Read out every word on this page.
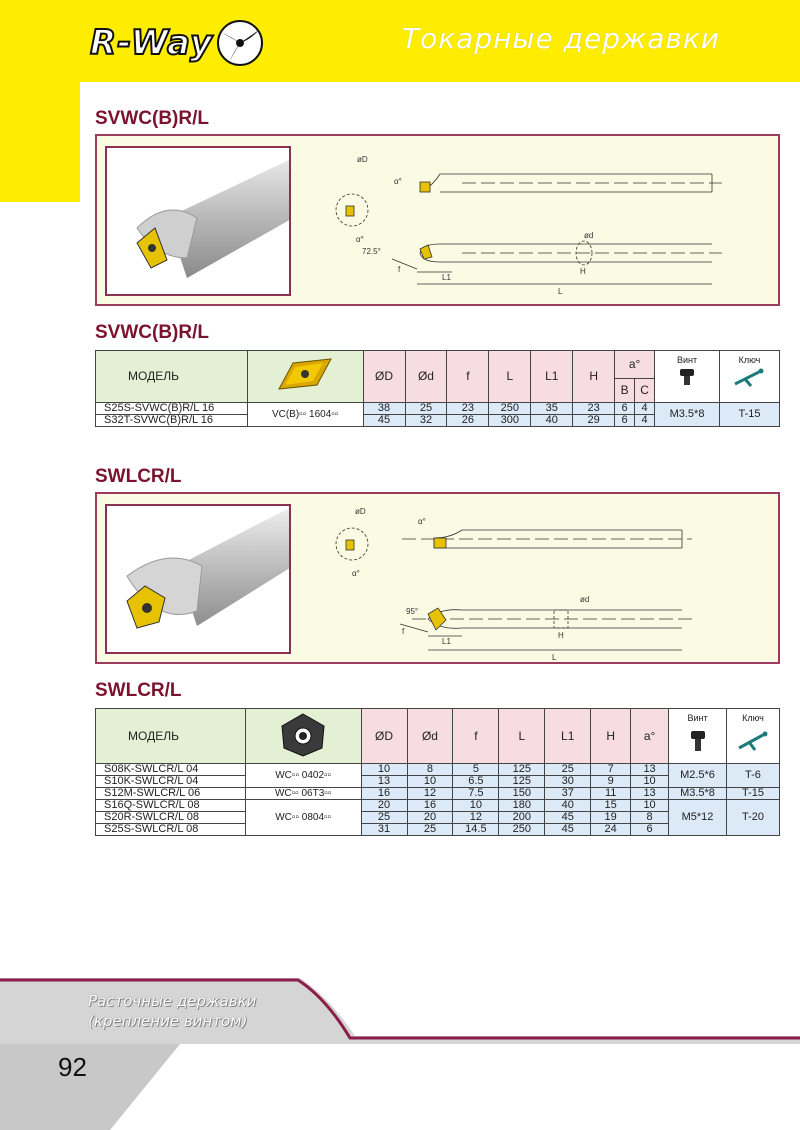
R-Way	Токарные державки
SVWC(B)R/L
øD
α°
α°
72.5°
ød
f	H
L1
L
SVWC(B)R/L
МОДЕЛЬ		ØD	Ød	f	L	L1	H	a°		Винт	Ключ

								B	C		
S25S-SVWC(B)R/L 16	VC(B)▫▫ 1604▫▫	38	25	23	250	35	23	6	4	M3.5*8	T-15
S32T-SVWC(B)R/L 16		45	32	26	300	40	29	6	4		
SWLCR/L
øD
α°
α°
95°
ød
f	H
L1
L
SWLCR/L
МОДЕЛЬ		ØD	Ød	f	L	L1	H	a°	Винт	Ключ

S08K-SWLCR/L 04	WC▫▫ 0402▫▫	10	8	5	125	25	7	13	M2.5*6	T-6
S10K-SWLCR/L 04		13	10	6.5	125	30	9	10		
S12M-SWLCR/L 06	WC▫▫ 06T3▫▫	16	12	7.5	150	37	11	13	M3.5*8	T-15
S16Q-SWLCR/L 08	WC▫▫ 0804▫▫	20	16	10	180	40	15	10	M5*12	T-20
S20R-SWLCR/L 08		25	20	12	200	45	19	8		
S25S-SWLCR/L 08		31	25	14.5	250	45	24	6		
Расточные державки
(крепление винтом)
92
